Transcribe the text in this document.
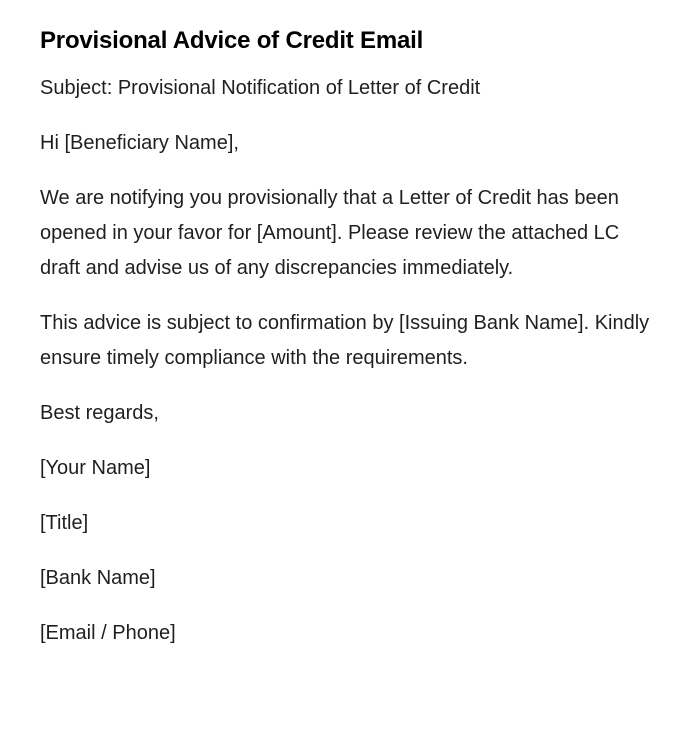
Provisional Advice of Credit Email

Subject: Provisional Notification of Letter of Credit

Hi [Beneficiary Name],

We are notifying you provisionally that a Letter of Credit has been opened in your favor for [Amount]. Please review the attached LC draft and advise us of any discrepancies immediately.

This advice is subject to confirmation by [Issuing Bank Name]. Kindly ensure timely compliance with the requirements.

Best regards,

[Your Name]

[Title]

[Bank Name]

[Email / Phone]
